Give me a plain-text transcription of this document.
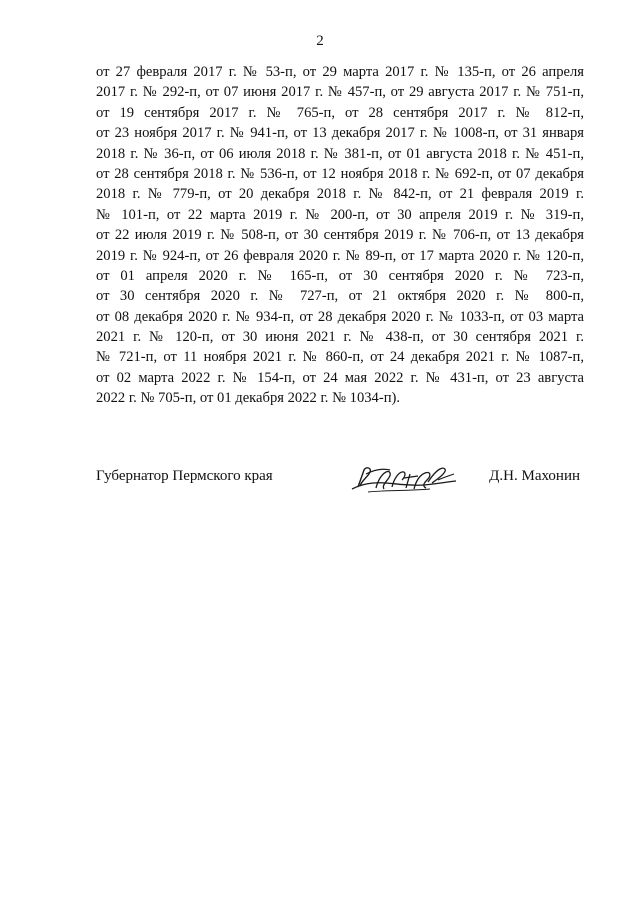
2
от 27 февраля 2017 г. № 53-п, от 29 марта 2017 г. № 135-п, от 26 апреля
2017 г. № 292-п, от 07 июня 2017 г. № 457-п, от 29 августа 2017 г. № 751-п,
от 19 сентября 2017 г. № 765-п, от 28 сентября 2017 г. № 812-п,
от 23 ноября 2017 г. № 941-п, от 13 декабря 2017 г. № 1008-п, от 31 января
2018 г. № 36-п, от 06 июля 2018 г. № 381-п, от 01 августа 2018 г. № 451-п,
от 28 сентября 2018 г. № 536-п, от 12 ноября 2018 г. № 692-п, от 07 декабря
2018 г. № 779-п, от 20 декабря 2018 г. № 842-п, от 21 февраля 2019 г.
№ 101-п, от 22 марта 2019 г. № 200-п, от 30 апреля 2019 г. № 319-п,
от 22 июля 2019 г. № 508-п, от 30 сентября 2019 г. № 706-п, от 13 декабря
2019 г. № 924-п, от 26 февраля 2020 г. № 89-п, от 17 марта 2020 г. № 120-п,
от 01 апреля 2020 г. № 165-п, от 30 сентября 2020 г. № 723-п,
от 30 сентября 2020 г. № 727-п, от 21 октября 2020 г. № 800-п,
от 08 декабря 2020 г. № 934-п, от 28 декабря 2020 г. № 1033-п, от 03 марта
2021 г. № 120-п, от 30 июня 2021 г. № 438-п, от 30 сентября 2021 г.
№ 721-п, от 11 ноября 2021 г. № 860-п, от 24 декабря 2021 г. № 1087-п,
от 02 марта 2022 г. № 154-п, от 24 мая 2022 г. № 431-п, от 23 августа
2022 г. № 705-п, от 01 декабря 2022 г. № 1034-п).
Губернатор Пермского края	Д.Н. Махонин
